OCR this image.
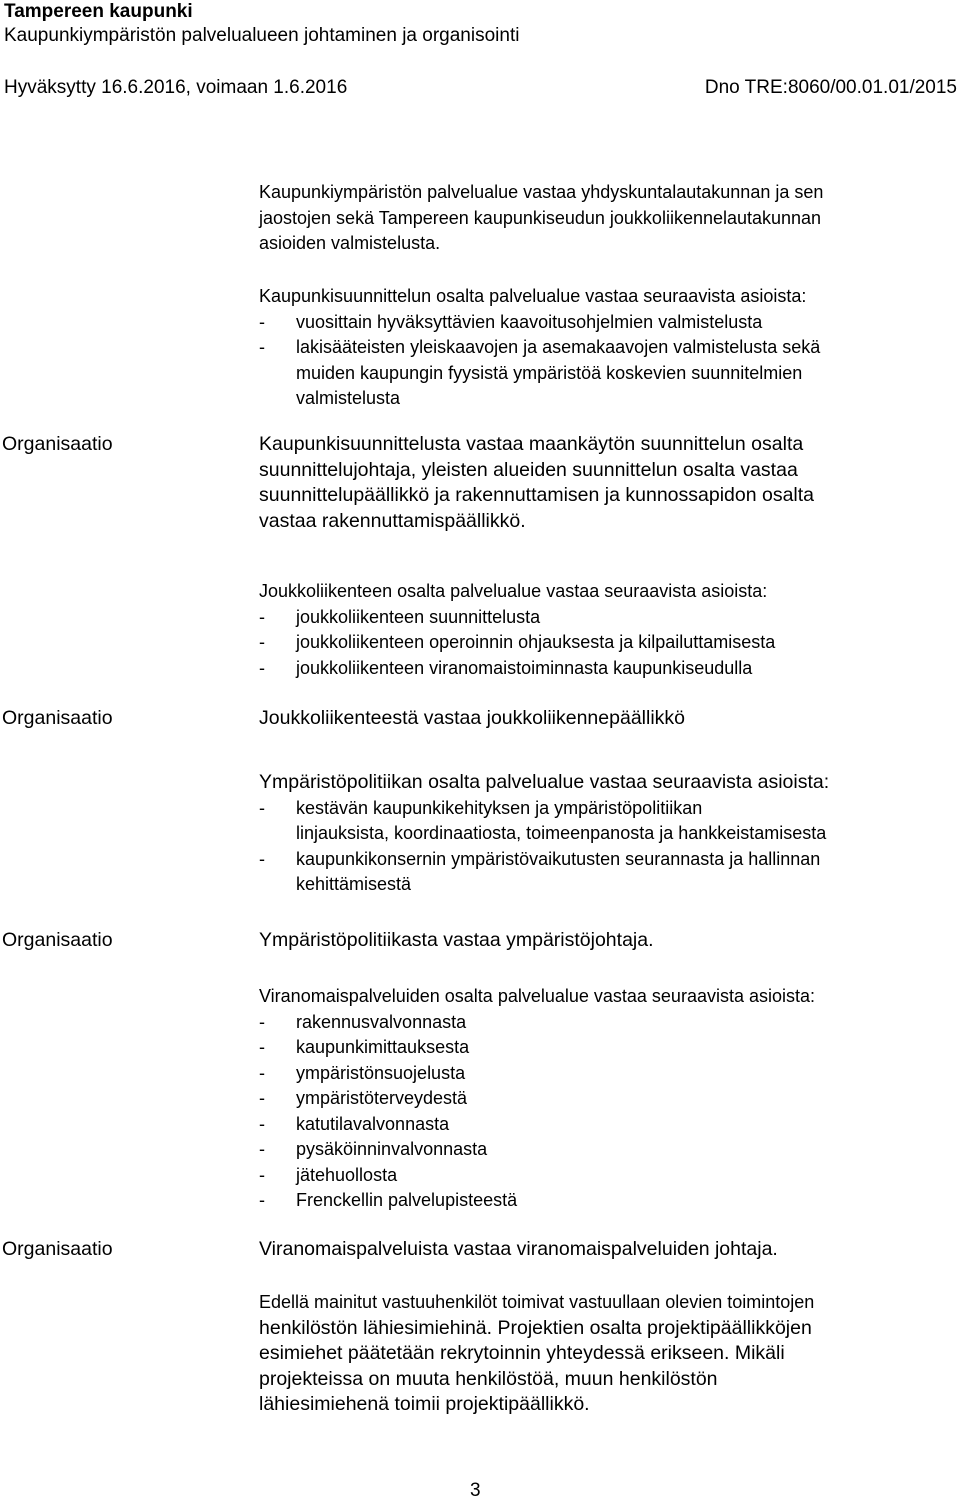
Tampereen kaupunki
Kaupunkiympäristön palvelualueen johtaminen ja organisointi
Hyväksytty 16.6.2016, voimaan 1.6.2016	Dno TRE:8060/00.01.01/2015

Kaupunkiympäristön palvelualue vastaa yhdyskuntalautakunnan ja sen

jaostojen sekä Tampereen kaupunkiseudun joukkoliikennelautakunnan

asioiden valmistelusta.

Kaupunkisuunnittelun osalta palvelualue vastaa seuraavista asioista:

- vuosittain hyväksyttävien kaavoitusohjelmien valmistelusta
- lakisääteisten yleiskaavojen ja asemakaavojen valmistelusta sekä
muiden kaupungin fyysistä ympäristöä koskevien suunnitelmien
valmistelusta
Organisaatio	Kaupunkisuunnittelusta vastaa maankäytön suunnittelun osalta

suunnittelujohtaja, yleisten alueiden suunnittelun osalta vastaa

suunnittelupäällikkö ja rakennuttamisen ja kunnossapidon osalta

vastaa rakennuttamispäällikkö.

Joukkoliikenteen osalta palvelualue vastaa seuraavista asioista:

- joukkoliikenteen suunnittelusta
- joukkoliikenteen operoinnin ohjauksesta ja kilpailuttamisesta
- joukkoliikenteen viranomaistoiminnasta kaupunkiseudulla
Organisaatio	Joukkoliikenteestä vastaa joukkoliikennepäällikkö

Ympäristöpolitiikan osalta palvelualue vastaa seuraavista asioista:

- kestävän kaupunkikehityksen ja ympäristöpolitiikan
linjauksista, koordinaatiosta, toimeenpanosta ja hankkeistamisesta
- kaupunkikonsernin ympäristövaikutusten seurannasta ja hallinnan
kehittämisestä
Organisaatio	Ympäristöpolitiikasta vastaa ympäristöjohtaja.

Viranomaispalveluiden osalta palvelualue vastaa seuraavista asioista:

- rakennusvalvonnasta
- kaupunkimittauksesta
- ympäristönsuojelusta
- ympäristöterveydestä
- katutilavalvonnasta
- pysäköinninvalvonnasta
- jätehuollosta
- Frenckellin palvelupisteestä
Organisaatio	Viranomaispalveluista vastaa viranomaispalveluiden johtaja.

Edellä mainitut vastuuhenkilöt toimivat vastuullaan olevien toimintojen

henkilöstön lähiesimiehinä. Projektien osalta projektipäällikköjen

esimiehet päätetään rekrytoinnin yhteydessä erikseen. Mikäli

projekteissa on muuta henkilöstöä, muun henkilöstön

lähiesimiehenä toimii projektipäällikkö.

3
